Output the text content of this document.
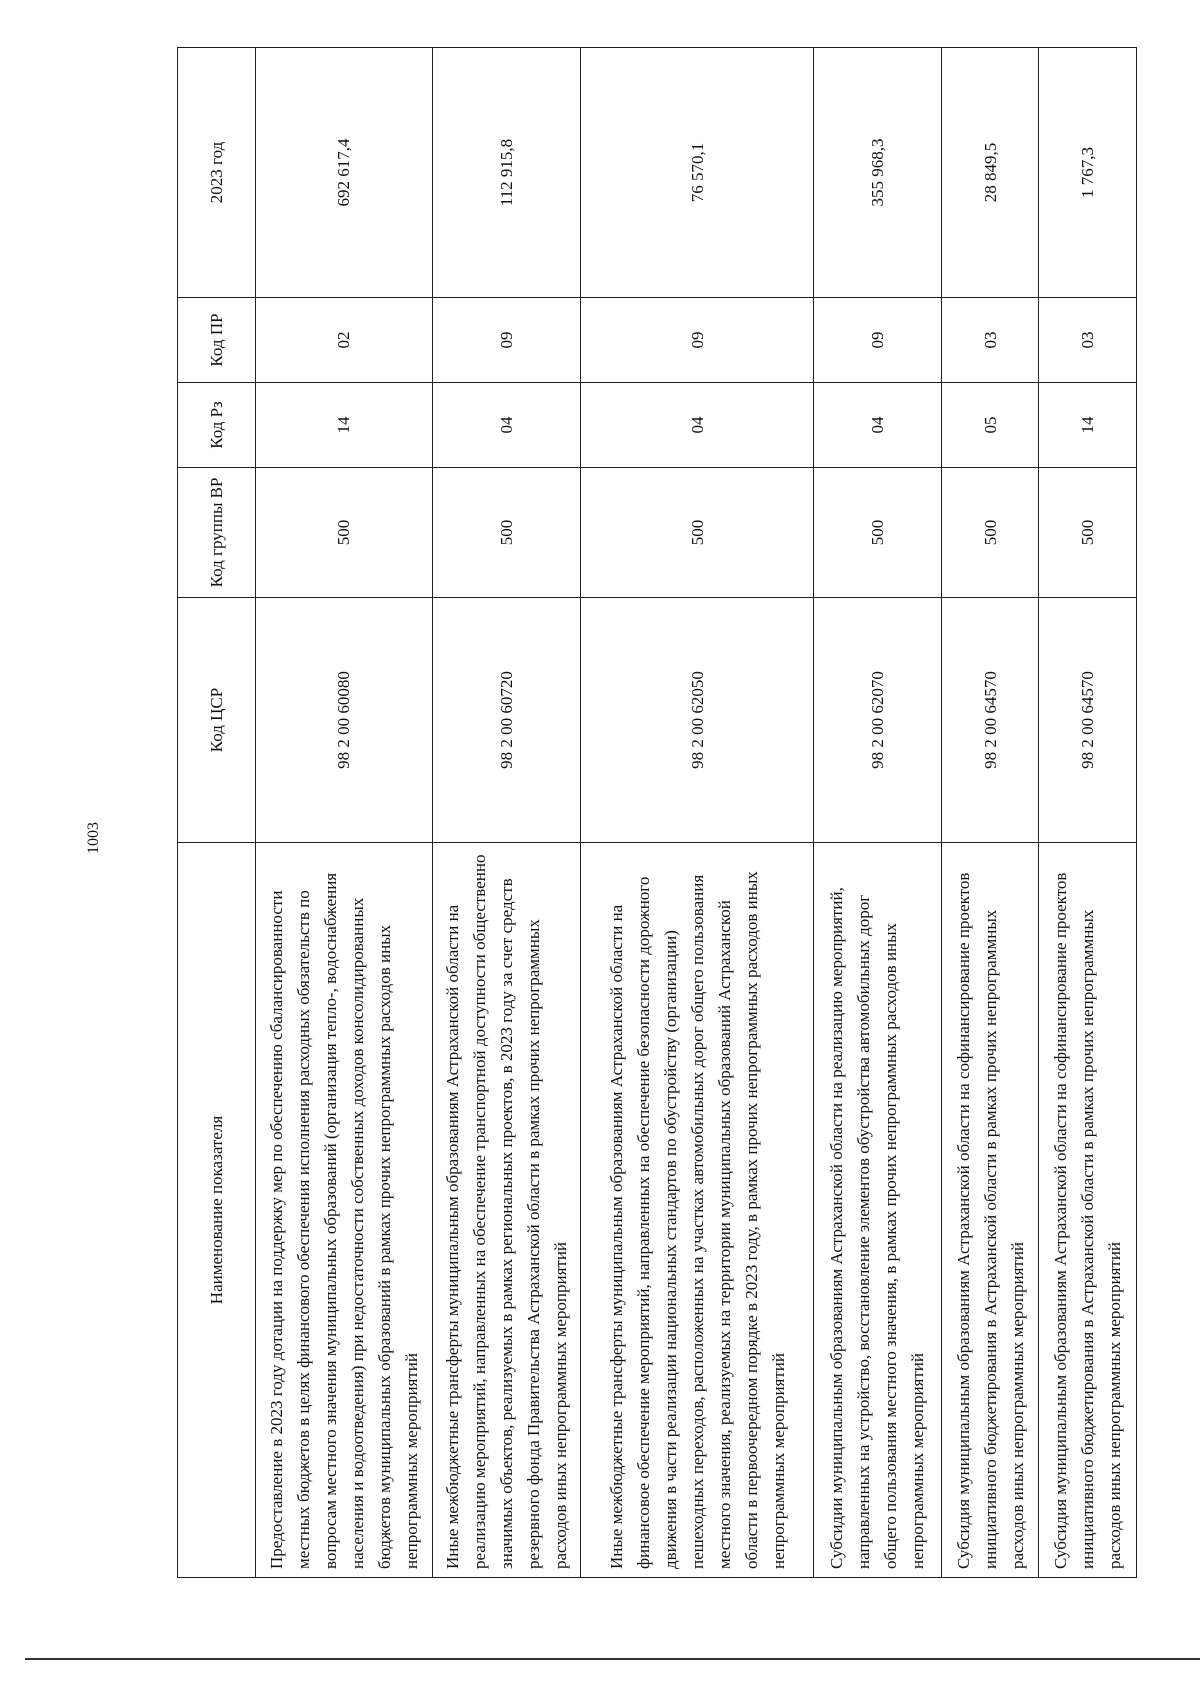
1003
Наименование показателя	Код ЦСР	Код группы ВР	Код Рз	Код ПР	2023 год
Предоставление в 2023 году дотации на поддержку мер по обеспечению сбалансированности местных бюджетов в целях финансового обеспечения исполнения расходных обязательств по вопросам местного значения муниципальных образований (организация тепло-, водоснабжения населения и водоотведения) при недостаточности собственных доходов консолидированных бюджетов муниципальных образований в рамках прочих непрограммных расходов иных непрограммных мероприятий	98 2 00 60080	500	14	02	692 617,4
Иные межбюджетные трансферты муниципальным образованиям Астраханской области на реализацию мероприятий, направленных на обеспечение транспортной доступности общественно значимых объектов, реализуемых в рамках региональных проектов, в 2023 году за счет средств резервного фонда Правительства Астраханской области в рамках прочих непрограммных расходов иных непрограммных мероприятий	98 2 00 60720	500	04	09	112 915,8
Иные межбюджетные трансферты муниципальным образованиям Астраханской области на финансовое обеспечение мероприятий, направленных на обеспечение безопасности дорожного движения в части реализации национальных стандартов по обустройству (организации) пешеходных переходов, расположенных на участках автомобильных дорог общего пользования местного значения, реализуемых на территории муниципальных образований Астраханской области в первоочередном порядке в 2023 году, в рамках прочих непрограммных расходов иных непрограммных мероприятий	98 2 00 62050	500	04	09	76 570,1
Субсидии муниципальным образованиям Астраханской области на реализацию мероприятий, направленных на устройство, восстановление элементов обустройства автомобильных дорог общего пользования местного значения, в рамках прочих непрограммных расходов иных непрограммных мероприятий	98 2 00 62070	500	04	09	355 968,3
Субсидия муниципальным образованиям Астраханской области на софинансирование проектов инициативного бюджетирования в Астраханской области в рамках прочих непрограммных расходов иных непрограммных мероприятий	98 2 00 64570	500	05	03	28 849,5
Субсидия муниципальным образованиям Астраханской области на софинансирование проектов инициативного бюджетирования в Астраханской области в рамках прочих непрограммных расходов иных непрограммных мероприятий	98 2 00 64570	500	14	03	1 767,3
